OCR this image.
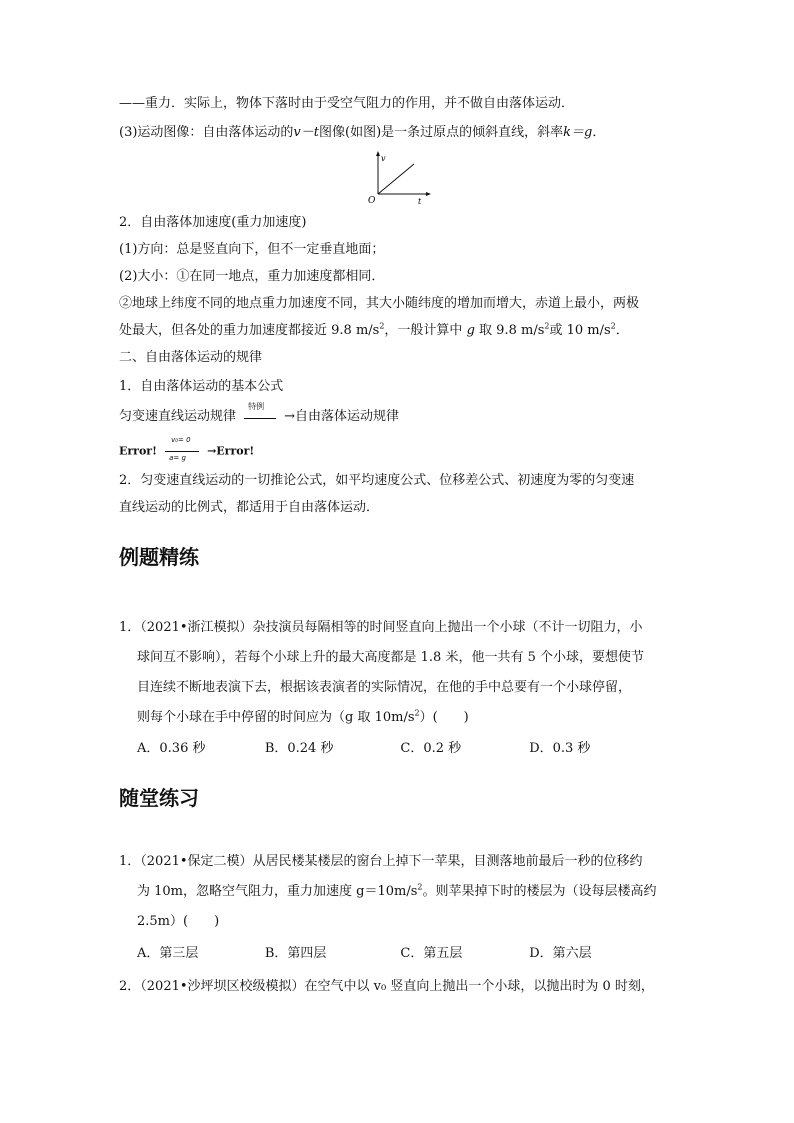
——重力．实际上，物体下落时由于受空气阻力的作用，并不做自由落体运动．
(3)运动图像：自由落体运动的v－t图像(如图)是一条过原点的倾斜直线，斜率k＝g．
v
t
O
2．自由落体加速度(重力加速度)
(1)方向：总是竖直向下，但不一定垂直地面；
(2)大小：①在同一地点，重力加速度都相同．
②地球上纬度不同的地点重力加速度不同，其大小随纬度的增加而增大，赤道上最小，两极
处最大，但各处的重力加速度都接近 9.8 $m/s^2$，一般计算中 g 取 9.8 $m/s^2$或 10 $m/s^2$．
二、自由落体运动的规律
1．自由落体运动的基本公式
匀变速直线运动规律
特例
→自由落体运动规律
Error! $\frac{\text{v₀= 0}}{a= g}$ →Error!
2．匀变速直线运动的一切推论公式，如平均速度公式、位移差公式、初速度为零的匀变速
直线运动的比例式，都适用于自由落体运动．
例题精练
1．（2021•浙江模拟）杂技演员每隔相等的时间竖直向上抛出一个小球（不计一切阻力，小
球间互不影响），若每个小球上升的最大高度都是 1.8 米，他一共有 5 个小球，要想使节
目连续不断地表演下去，根据该表演者的实际情况，在他的手中总要有一个小球停留，
则每个小球在手中停留的时间应为（g 取 $10m/s^2$）(　　)
A．0.36 秒	B．0.24 秒	C．0.2 秒	D．0.3 秒
随堂练习
1．（2021•保定二模）从居民楼某楼层的窗台上掉下一苹果，目测落地前最后一秒的位移约
为 10m，忽略空气阻力，重力加速度 $g=10m/s^2$。则苹果掉下时的楼层为（设每层楼高约
2.5m）(　　)
A．第三层	B．第四层	C．第五层	D．第六层
2．（2021•沙坪坝区校级模拟）在空气中以 v₀ 竖直向上抛出一个小球，以抛出时为 0 时刻，
